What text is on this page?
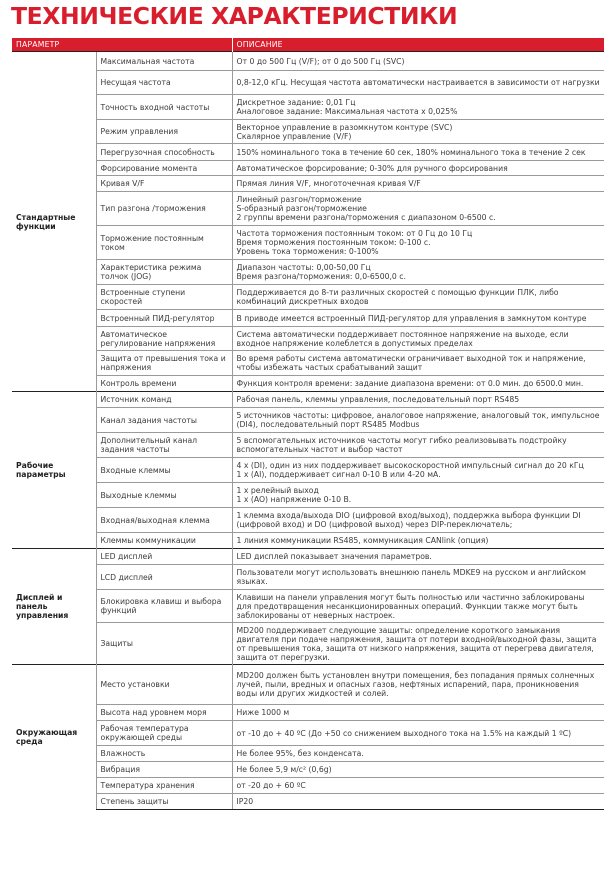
ТЕХНИЧЕСКИЕ ХАРАКТЕРИСТИКИ
ПАРАМЕТР		ОПИСАНИЕ
Стандартные функции	Максимальная частота	От 0 до 500 Гц (V/F); от 0 до 500 Гц (SVC)
	Несущая частота	0,8-12,0 кГц. Несущая частота автоматически настраивается в зависимости от нагрузки
	Точность входной частоты	Дискретное задание: 0,01 Гц
Аналоговое задание: Максимальная частота х 0,025%
	Режим управления	Векторное управление в разомкнутом контуре (SVC)
Скалярное управление (V/F)
	Перегрузочная способность	150% номинального тока в течение 60 сек, 180% номинального тока в течение 2 сек
	Форсирование момента	Автоматическое форсирование; 0-30% для ручного форсирования
	Кривая V/F	Прямая линия V/F, многоточечная кривая V/F
	Тип разгона /торможения	Линейный разгон/торможение
S-образный разгон/торможение
2 группы времени разгона/торможения с диапазоном 0-6500 с.
	Торможение постоянным током	Частота торможения постоянным током: от 0 Гц до 10 Гц
Время торможения постоянным током: 0-100 с.
Уровень тока торможения: 0-100%
	Характеристика режима толчок (JOG)	Диапазон частоты: 0,00-50,00 Гц
Время разгона/торможения: 0,0-6500,0 с.
	Встроенные ступени скоростей	Поддерживается до 8-ти различных скоростей с помощью функции ПЛК, либо комбинаций дискретных входов
	Встроенный ПИД-регулятор	В приводе имеется встроенный ПИД-регулятор для управления в замкнутом контуре
	Автоматическое регулирование напряжения	Система автоматически поддерживает постоянное напряжение на выходе, если входное напряжение колеблется в допустимых пределах
	Защита от превышения тока и напряжения	Во время работы система автоматически ограничивает выходной ток и напряжение, чтобы избежать частых срабатываний защит
	Контроль времени	Функция контроля времени: задание диапазона времени: от 0.0 мин. до 6500.0 мин.
Рабочие параметры	Источник команд	Рабочая панель, клеммы управления, последовательный порт RS485
	Канал задания частоты	5 источников частоты: цифровое, аналоговое напряжение, аналоговый ток, импульсное (DI4), последовательный порт RS485 Modbus
	Дополнительный канал задания частоты	5 вспомогательных источников частоты могут гибко реализовывать подстройку вспомогательных частот и выбор частот
	Входные клеммы	4 х (DI), один из них поддерживает высокоскоростной импульсный сигнал до 20 кГц
1 х (AI), поддерживает сигнал 0-10 В или 4-20 мА.
	Выходные клеммы	1 х релейный выход
1 х (AO) напряжение 0-10 В.
	Входная/выходная клемма	1 клемма входа/выхода DIO (цифровой вход/выход), поддержка выбора функции DI (цифровой вход) и DO (цифровой выход) через DIP-переключатель;
	Клеммы коммуникации	1 линия коммуникации RS485, коммуникация CANlink (опция)
Дисплей и панель управления	LED дисплей	LED дисплей показывает значения параметров.
	LCD дисплей	Пользователи могут использовать внешнюю панель MDKE9 на русском и английском языках.
	Блокировка клавиш и выбора функций	Клавиши на панели управления могут быть полностью или частично заблокированы для предотвращения несанкционированных операций. Функции также могут быть заблокированы от неверных настроек.
	Защиты	MD200 поддерживает следующие защиты: определение короткого замыкания двигателя при подаче напряжения, защита от потери входной/выходной фазы, защита от превышения тока, защита от низкого напряжения, защита от перегрева двигателя, защита от перегрузки.
Окружающая среда	Место установки	MD200 должен быть установлен внутри помещения, без попадания прямых солнечных лучей, пыли, вредных и опасных газов, нефтяных испарений, пара, проникновения воды или других жидкостей и солей.
	Высота над уровнем моря	Ниже 1000 м
	Рабочая температура окружающей среды	от -10 до + 40 ºС (До +50 со снижением выходного тока на 1.5% на каждый 1 ºС)
	Влажность	Не более 95%, без конденсата.
	Вибрация	Не более 5,9 м/с² (0,6g)
	Температура хранения	от -20 до + 60 ºС
	Степень защиты	IP20
